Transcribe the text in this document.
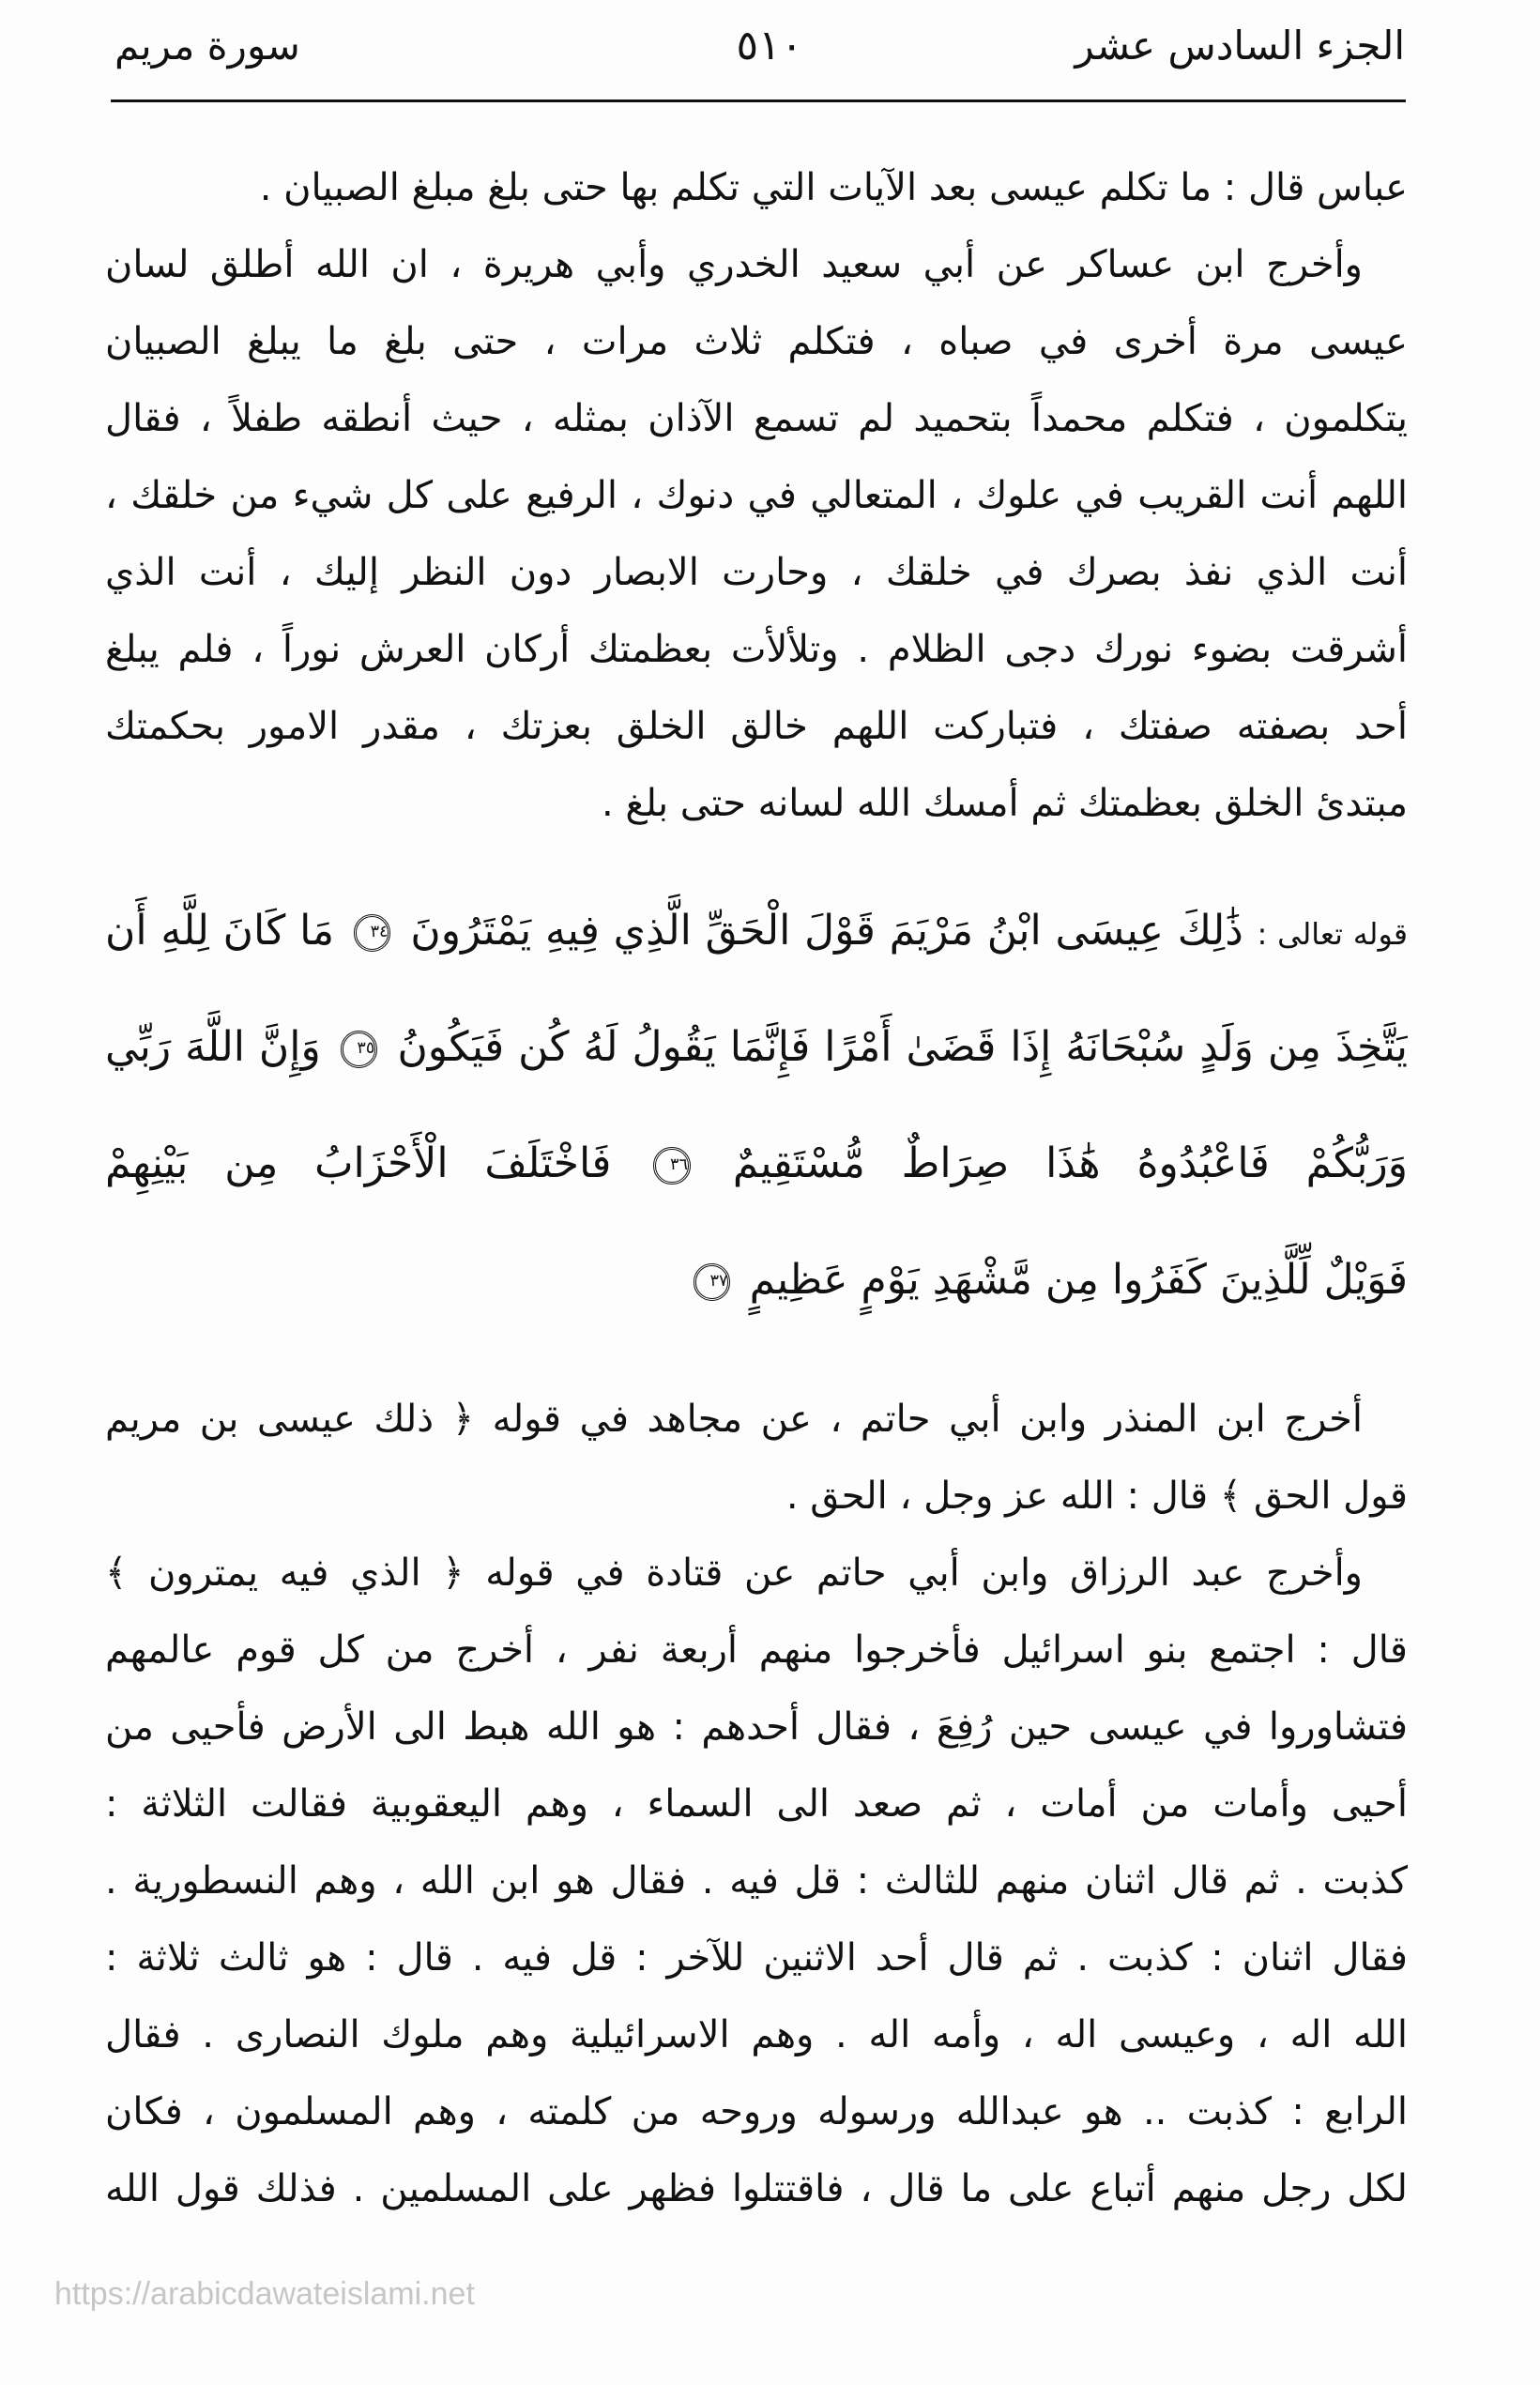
الجزء السادس عشر
٥١٠
سورة مريم
عباس قال : ما تكلم عيسى بعد الآيات التي تكلم بها حتى بلغ مبلغ الصبيان .
وأخرج ابن عساكر عن أبي سعيد الخدري وأبي هريرة ، ان الله أطلق لسان
عيسى مرة أخرى في صباه ، فتكلم ثلاث مرات ، حتى بلغ ما يبلغ الصبيان
يتكلمون ، فتكلم محمداً بتحميد لم تسمع الآذان بمثله ، حيث أنطقه طفلاً ، فقال
اللهم أنت القريب في علوك ، المتعالي في دنوك ، الرفيع على كل شيء من خلقك ،
أنت الذي نفذ بصرك في خلقك ، وحارت الابصار دون النظر إليك ، أنت الذي
أشرقت بضوء نورك دجى الظلام . وتلألأت بعظمتك أركان العرش نوراً ، فلم يبلغ
أحد بصفته صفتك ، فتباركت اللهم خالق الخلق بعزتك ، مقدر الامور بحكمتك
مبتدئ الخلق بعظمتك ثم أمسك الله لسانه حتى بلغ .
قوله تعالى : ذَٰلِكَ عِيسَى ابْنُ مَرْيَمَ قَوْلَ الْحَقِّ الَّذِي فِيهِ يَمْتَرُونَ ٣٤ مَا كَانَ لِلَّهِ أَن
يَتَّخِذَ مِن وَلَدٍ سُبْحَانَهُ إِذَا قَضَىٰ أَمْرًا فَإِنَّمَا يَقُولُ لَهُ كُن فَيَكُونُ ٣٥ وَإِنَّ اللَّهَ رَبِّي
وَرَبُّكُمْ فَاعْبُدُوهُ هَٰذَا صِرَاطٌ مُّسْتَقِيمٌ ٣٦ فَاخْتَلَفَ الْأَحْزَابُ مِن بَيْنِهِمْ
فَوَيْلٌ لِّلَّذِينَ كَفَرُوا مِن مَّشْهَدِ يَوْمٍ عَظِيمٍ ٣٧
أخرج ابن المنذر وابن أبي حاتم ، عن مجاهد في قوله ﴿ ذلك عيسى بن مريم
قول الحق ﴾ قال : الله عز وجل ، الحق .
وأخرج عبد الرزاق وابن أبي حاتم عن قتادة في قوله ﴿ الذي فيه يمترون ﴾
قال : اجتمع بنو اسرائيل فأخرجوا منهم أربعة نفر ، أخرج من كل قوم عالمهم
فتشاوروا في عيسى حين رُفِعَ ، فقال أحدهم : هو الله هبط الى الأرض فأحيى من
أحيى وأمات من أمات ، ثم صعد الى السماء ، وهم اليعقوبية فقالت الثلاثة :
كذبت . ثم قال اثنان منهم للثالث : قل فيه . فقال هو ابن الله ، وهم النسطورية .
فقال اثنان : كذبت . ثم قال أحد الاثنين للآخر : قل فيه . قال : هو ثالث ثلاثة :
الله اله ، وعيسى اله ، وأمه اله . وهم الاسرائيلية وهم ملوك النصارى . فقال
الرابع : كذبت .. هو عبدالله ورسوله وروحه من كلمته ، وهم المسلمون ، فكان
لكل رجل منهم أتباع على ما قال ، فاقتتلوا فظهر على المسلمين . فذلك قول الله
https://arabicdawateislami.net
